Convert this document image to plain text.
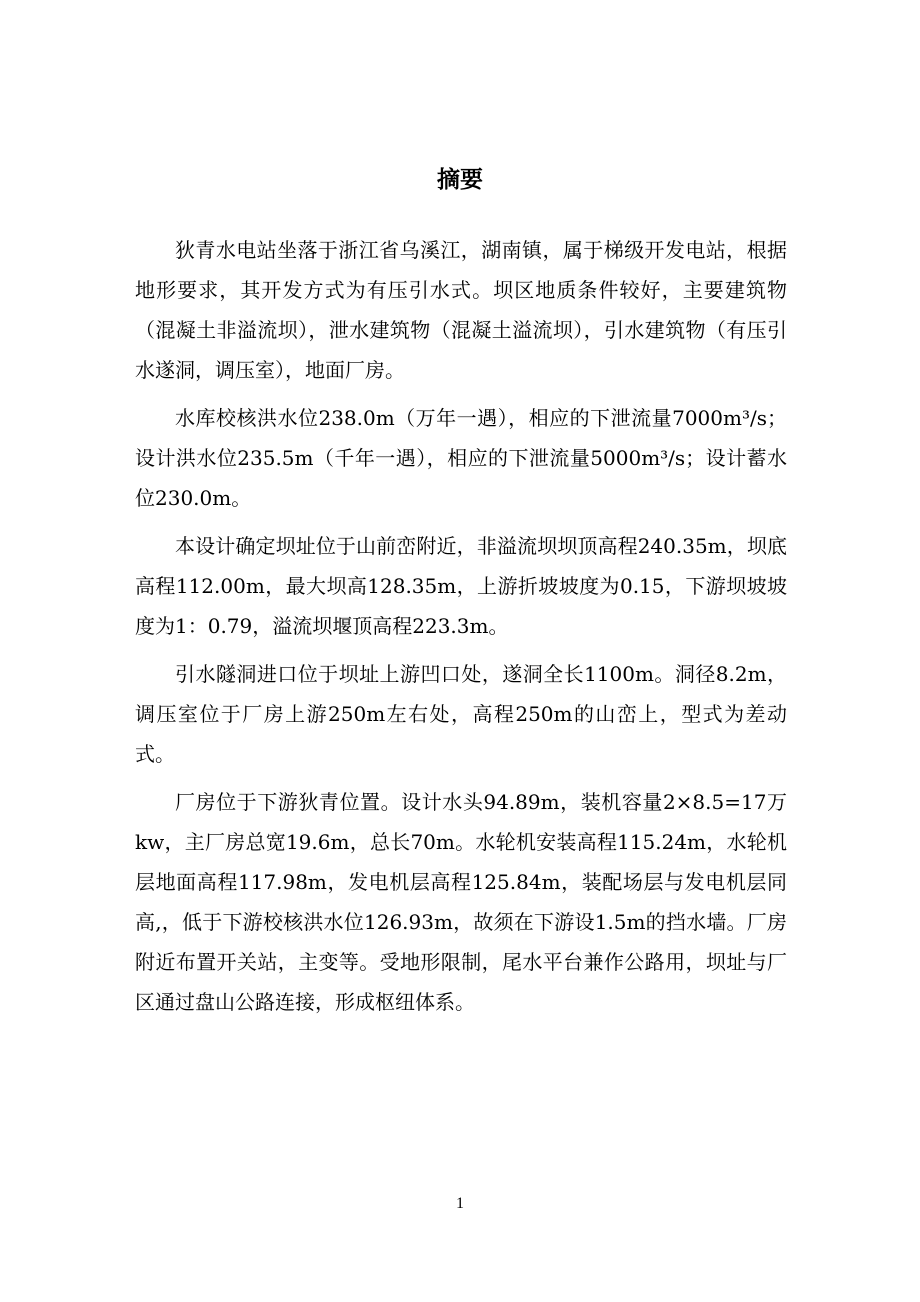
摘要

狄青水电站坐落于浙江省乌溪江，湖南镇，属于梯级开发电站，根据地形要求，其开发方式为有压引水式。坝区地质条件较好，主要建筑物（混凝土非溢流坝），泄水建筑物（混凝土溢流坝），引水建筑物（有压引水遂洞，调压室），地面厂房。

水库校核洪水位238.0m（万年一遇），相应的下泄流量7000m³/s；设计洪水位235.5m（千年一遇），相应的下泄流量5000m³/s；设计蓄水位230.0m。

本设计确定坝址位于山前峦附近，非溢流坝坝顶高程240.35m，坝底高程112.00m，最大坝高128.35m，上游折坡坡度为0.15，下游坝坡坡度为1：0.79，溢流坝堰顶高程223.3m。

引水隧洞进口位于坝址上游凹口处，遂洞全长1100m。洞径8.2m，调压室位于厂房上游250m左右处，高程250m的山峦上，型式为差动式。

厂房位于下游狄青位置。设计水头94.89m，装机容量2×8.5=17万kw，主厂房总宽19.6m，总长70m。水轮机安装高程115.24m，水轮机层地面高程117.98m，发电机层高程125.84m，装配场层与发电机层同高,，低于下游校核洪水位126.93m，故须在下游设1.5m的挡水墙。厂房附近布置开关站，主变等。受地形限制，尾水平台兼作公路用，坝址与厂区通过盘山公路连接，形成枢纽体系。

1
